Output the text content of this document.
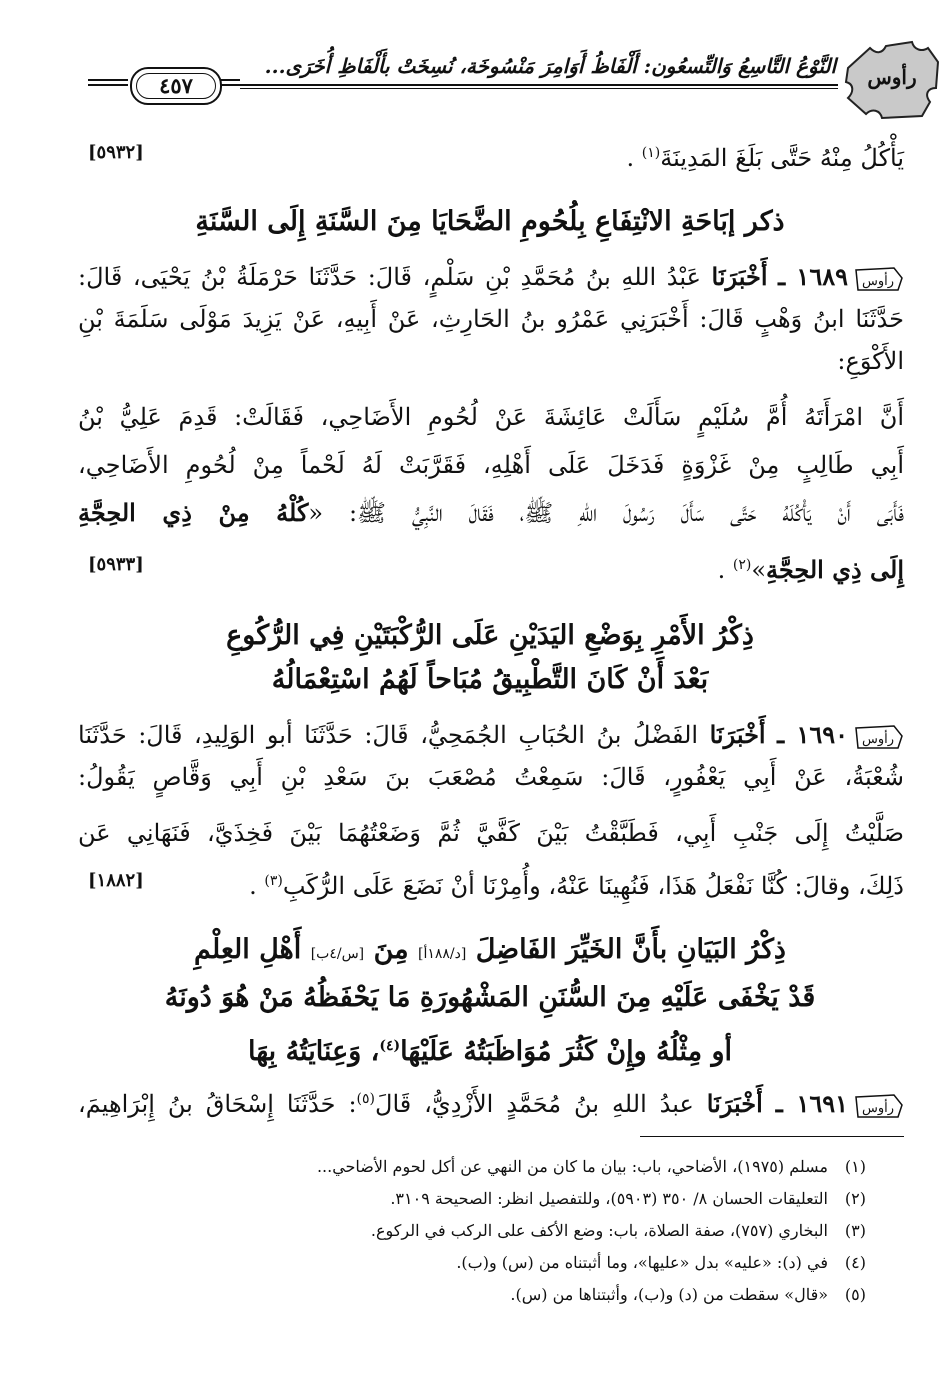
رأوس
النَّوْعُ التَّاسِعُ وَالتِّسعُون: أَلْفَاظُ أَوَامِرَ مَنْسُوخَة، نُسِخَتْ بأَلْفَاظِ أُخَرَى...
٤٥٧
يَأْكُلُ مِنْهُ حَتَّى بَلَغَ المَدِينَةَ$^{(١)}$ .
[٥٩٣٢]
ذكر إبَاحَةِ الانْتِفَاعِ بِلُحُومِ الضَّحَايَا مِنَ السَّنَةِ إِلَى السَّنَةِ
رأوس
١٦٨٩ ـ أَخْبَرَنَا عَبْدُ اللهِ بنُ مُحَمَّدِ بْنِ سَلْمٍ، قَالَ: حَدَّثَنَا حَرْمَلَةُ بْنُ يَحْيَى، قَالَ:
حَدَّثَنَا ابنُ وَهْبٍ قَالَ: أَخْبَرَنِي عَمْرُو بنُ الحَارِثِ، عَنْ أَبِيهِ، عَنْ يَزِيدَ مَوْلَى سَلَمَةَ بْنِ
الأَكْوَعِ:
أَنَّ امْرَأَتَهُ أُمَّ سُلَيْمٍ سَأَلَتْ عَائِشَةَ عَنْ لُحُومِ الأَضَاحِي، فَقَالَتْ: قَدِمَ عَلِيُّ بْنُ
أَبِي طَالِبٍ مِنْ غَزْوَةٍ فَدَخَلَ عَلَى أَهْلِهِ، فَقَرَّبَتْ لَهُ لَحْماً مِنْ لُحُومِ الأَضَاحِي،
فَأَبَى أَنْ يَأْكُلَهُ حَتَّى سَأَلَ رَسُولَ اللهِ ﷺ، فَقَالَ النَّبِيُّ ﷺ: «كُلْهُ مِنْ ذِي الحِجَّةِ
إِلَى ذِي الحِجَّةِ»$^{(٢)}$ .
[٥٩٣٣]
ذِكْرُ الأَمْرِ بِوَضْعِ اليَدَيْنِ عَلَى الرُّكْبَتَيْنِ فِي الرُّكُوعِ
بَعْدَ أَنْ كَانَ التَّطْبِيقُ مُبَاحاً لَهُمُ اسْتِعْمَالُهُ
رأوس
١٦٩٠ ـ أَخْبَرَنَا الفَضْلُ بنُ الحُبَابِ الجُمَحِيُّ، قَالَ: حَدَّثَنَا أبو الوَلِيدِ، قَالَ: حَدَّثَنَا
شُعْبَةُ، عَنْ أَبِي يَعْفُورٍ، قَالَ: سَمِعْتُ مُصْعَبَ بنَ سَعْدِ بْنِ أَبِي وَقَّاصٍ يَقُولُ:
صَلَّيْتُ إِلَى جَنْبِ أَبِي، فَطَبَّقْتُ بَيْنَ كَفَّيَّ ثُمَّ وَضَعْتُهُمَا بَيْنَ فَخِذَيَّ، فَنَهَانِي عَن
ذَلِكَ، وقالَ: كُنَّا نَفْعَلُ هَذَا، فَنُهِينَا عَنْهُ، وأُمِرْنَا أنْ نَضَعَ عَلَى الرُّكَبِ$^{(٣)}$ .
[١٨٨٢]
ذِكْرُ البَيَانِ بأَنَّ الخَيِّرَ الفَاضِلَ [د/١٨٨أ] مِنَ [س/٤ب] أَهْلِ العِلْمِ
قَدْ يَخْفَى عَلَيْهِ مِنَ السُّنَنِ المَشْهُورَةِ مَا يَحْفَظُهُ مَنْ هُوَ دُونَهُ
أو مِثْلُهُ وإِنْ كَثُرَ مُوَاظَبَتُهُ عَلَيْهَا$^{(٤)}$، وَعِنَايَتُهُ بِهَا
رأوس
١٦٩١ ـ أَخْبَرَنَا عبدُ اللهِ بنُ مُحَمَّدٍ الأَزْدِيُّ، قَالَ$^{(٥)}$: حَدَّثَنَا إِسْحَاقُ بنُ إِبْرَاهِيمَ،
(١)مسلم (١٩٧٥)، الأضاحي، باب: بيان ما كان من النهي عن أكل لحوم الأضاحي...
(٢)التعليقات الحسان ٨/ ٣٥٠ (٥٩٠٣)، وللتفصيل انظر: الصحيحة ٣١٠٩.
(٣)البخاري (٧٥٧)، صفة الصلاة، باب: وضع الأكف على الركب في الركوع.
(٤)في (د): «عليه» بدل «عليها»، وما أثبتناه من (س) و(ب).
(٥)«قال» سقطت من (د) و(ب)، وأثبتناها من (س).
